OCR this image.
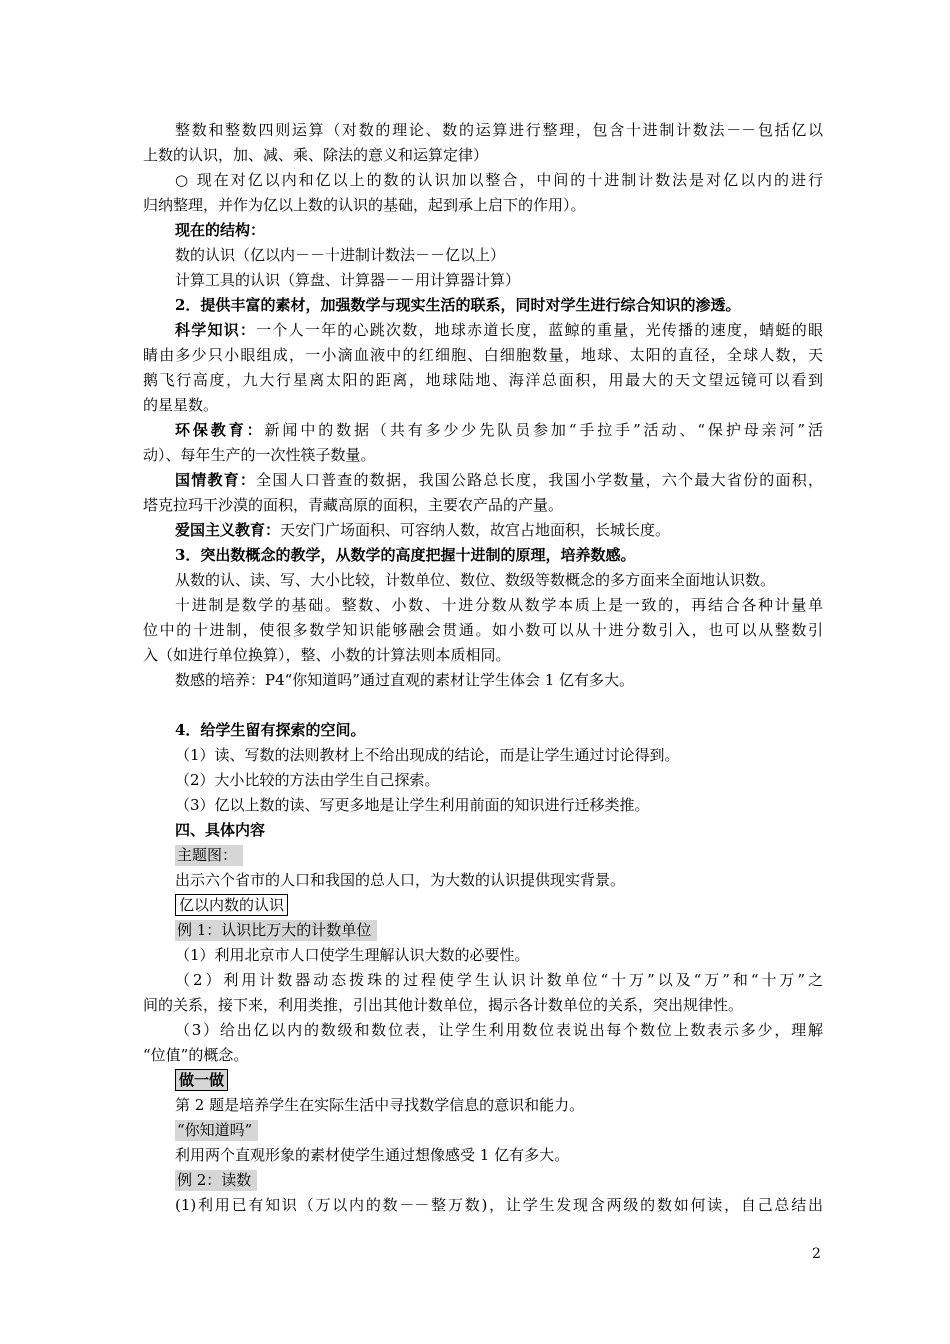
整数和整数四则运算（对数的理论、数的运算进行整理，包含十进制计数法－－包括亿以
上数的认识，加、减、乘、除法的意义和运算定律）
○ 现在对亿以内和亿以上的数的认识加以整合，中间的十进制计数法是对亿以内的进行
归纳整理，并作为亿以上数的认识的基础，起到承上启下的作用）。
现在的结构：
数的认识（亿以内－－十进制计数法－－亿以上）
计算工具的认识（算盘、计算器－－用计算器计算）
2．提供丰富的素材，加强数学与现实生活的联系，同时对学生进行综合知识的渗透。
科学知识：一个人一年的心跳次数，地球赤道长度，蓝鲸的重量，光传播的速度，蜻蜓的眼
睛由多少只小眼组成，一小滴血液中的红细胞、白细胞数量，地球、太阳的直径，全球人数，天
鹅飞行高度，九大行星离太阳的距离，地球陆地、海洋总面积，用最大的天文望远镜可以看到
的星星数。
环保教育：新闻中的数据（共有多少少先队员参加“手拉手”活动、“保护母亲河”活
动）、每年生产的一次性筷子数量。
国情教育：全国人口普查的数据，我国公路总长度，我国小学数量，六个最大省份的面积，
塔克拉玛干沙漠的面积，青藏高原的面积，主要农产品的产量。
爱国主义教育：天安门广场面积、可容纳人数，故宫占地面积，长城长度。
3．突出数概念的教学，从数学的高度把握十进制的原理，培养数感。
从数的认、读、写、大小比较，计数单位、数位、数级等数概念的多方面来全面地认识数。
十进制是数学的基础。整数、小数、十进分数从数学本质上是一致的，再结合各种计量单
位中的十进制，使很多数学知识能够融会贯通。如小数可以从十进分数引入，也可以从整数引
入（如进行单位换算），整、小数的计算法则本质相同。
数感的培养：P4“你知道吗”通过直观的素材让学生体会 1 亿有多大。
4．给学生留有探索的空间。
（1）读、写数的法则教材上不给出现成的结论，而是让学生通过讨论得到。
（2）大小比较的方法由学生自己探索。
（3）亿以上数的读、写更多地是让学生利用前面的知识进行迁移类推。
四、具体内容
主题图：
出示六个省市的人口和我国的总人口，为大数的认识提供现实背景。
亿以内数的认识
例 1：认识比万大的计数单位
（1）利用北京市人口使学生理解认识大数的必要性。
（2）利用计数器动态拨珠的过程使学生认识计数单位“十万”以及“万”和“十万”之
间的关系，接下来，利用类推，引出其他计数单位，揭示各计数单位的关系，突出规律性。
（3）给出亿以内的数级和数位表，让学生利用数位表说出每个数位上数表示多少，理解
“位值”的概念。
做一做
第 2 题是培养学生在实际生活中寻找数学信息的意识和能力。
“你知道吗”
利用两个直观形象的素材使学生通过想像感受 1 亿有多大。
例 2：读数
(1)利用已有知识（万以内的数－－整万数)，让学生发现含两级的数如何读，自己总结出
2
